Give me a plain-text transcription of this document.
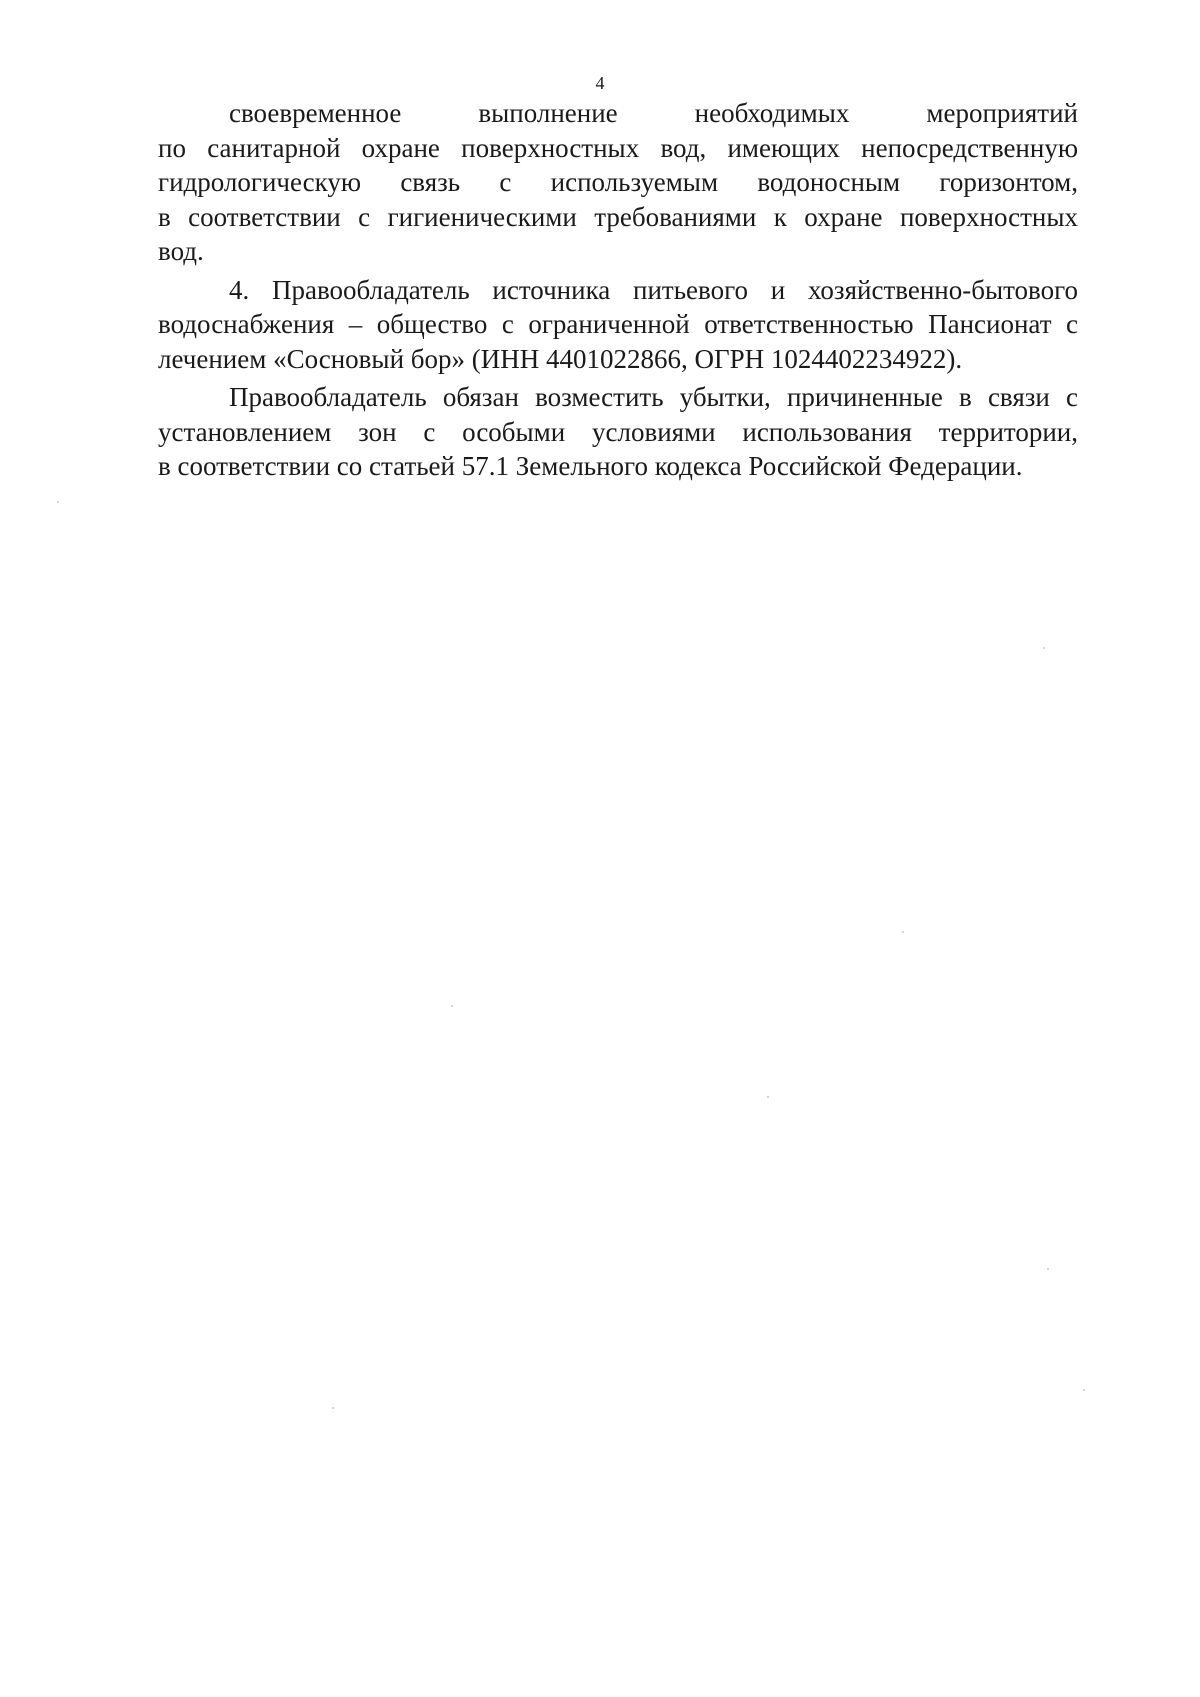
4
своевременное выполнение необходимых мероприятий
по санитарной охране поверхностных вод, имеющих непосредственную
гидрологическую связь с используемым водоносным горизонтом,
в соответствии с гигиеническими требованиями к охране поверхностных
вод.
4. Правообладатель источника питьевого и хозяйственно-бытового
водоснабжения – общество с ограниченной ответственностью Пансионат с
лечением «Сосновый бор» (ИНН 4401022866, ОГРН 1024402234922).
Правообладатель обязан возместить убытки, причиненные в связи с
установлением зон с особыми условиями использования территории,
в соответствии со статьей 57.1 Земельного кодекса Российской Федерации.
